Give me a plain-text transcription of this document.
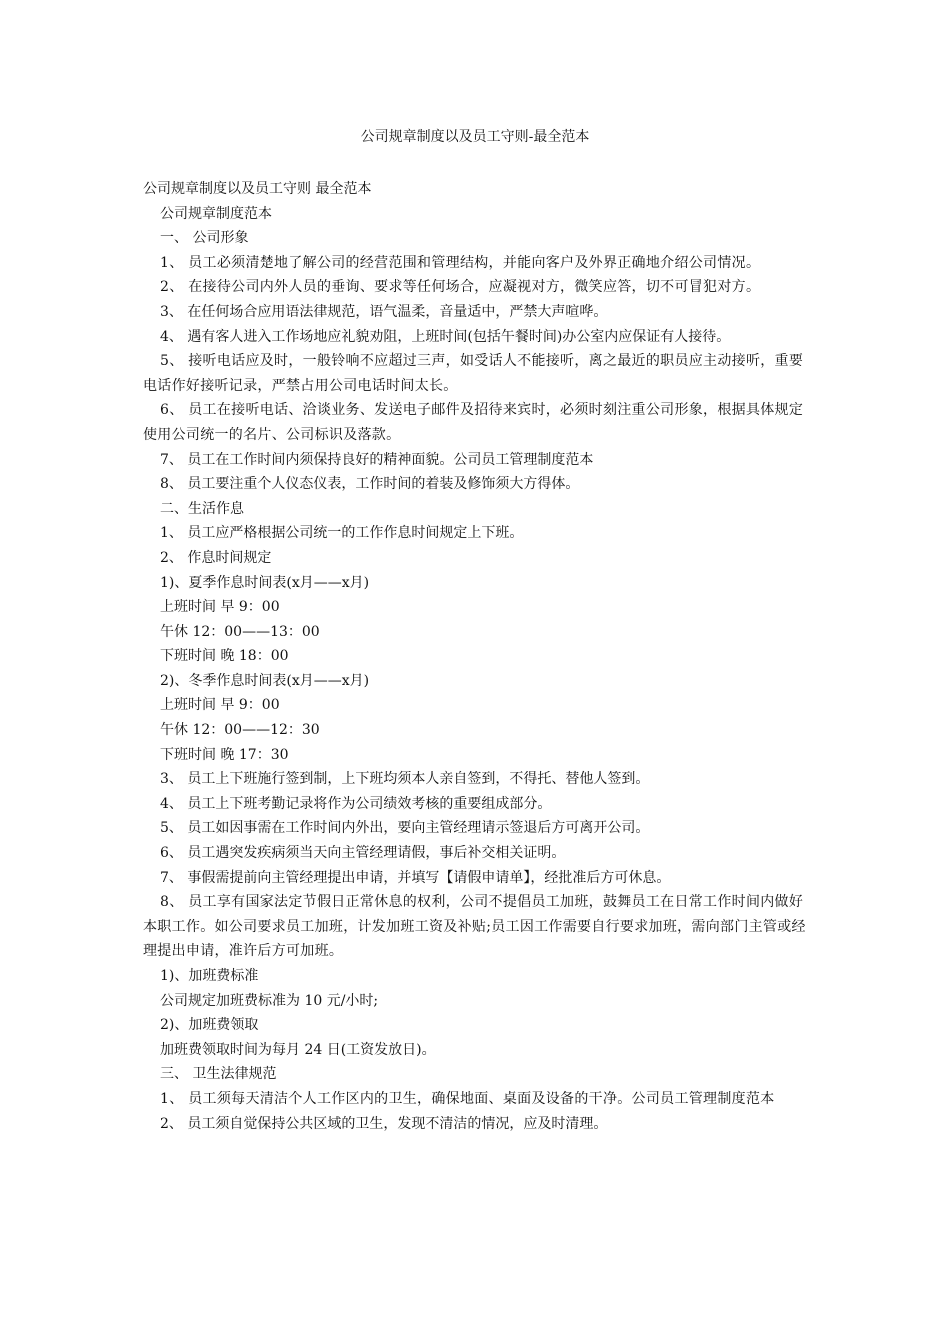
公司规章制度以及员工守则-最全范本
公司规章制度以及员工守则 最全范本
公司规章制度范本
一、 公司形象
1、 员工必须清楚地了解公司的经营范围和管理结构，并能向客户及外界正确地介绍公司情况。
2、 在接待公司内外人员的垂询、要求等任何场合，应凝视对方，微笑应答，切不可冒犯对方。
3、 在任何场合应用语法律规范，语气温柔，音量适中，严禁大声喧哗。
4、 遇有客人进入工作场地应礼貌劝阻，上班时间(包括午餐时间)办公室内应保证有人接待。
5、 接听电话应及时，一般铃响不应超过三声，如受话人不能接听，离之最近的职员应主动接听，重要电话作好接听记录，严禁占用公司电话时间太长。
6、 员工在接听电话、洽谈业务、发送电子邮件及招待来宾时，必须时刻注重公司形象，根据具体规定使用公司统一的名片、公司标识及落款。
7、 员工在工作时间内须保持良好的精神面貌。公司员工管理制度范本
8、 员工要注重个人仪态仪表，工作时间的着装及修饰须大方得体。
二、生活作息
1、 员工应严格根据公司统一的工作作息时间规定上下班。
2、 作息时间规定
1)、夏季作息时间表(x月——x月)
上班时间 早 9：00
午休 12：00——13：00
下班时间 晚 18：00
2)、冬季作息时间表(x月——x月)
上班时间 早 9：00
午休 12：00——12：30
下班时间 晚 17：30
3、 员工上下班施行签到制，上下班均须本人亲自签到，不得托、替他人签到。
4、 员工上下班考勤记录将作为公司绩效考核的重要组成部分。
5、 员工如因事需在工作时间内外出，要向主管经理请示签退后方可离开公司。
6、 员工遇突发疾病须当天向主管经理请假，事后补交相关证明。
7、 事假需提前向主管经理提出申请，并填写【请假申请单】，经批准后方可休息。
8、 员工享有国家法定节假日正常休息的权利，公司不提倡员工加班，鼓舞员工在日常工作时间内做好本职工作。如公司要求员工加班，计发加班工资及补贴;员工因工作需要自行要求加班，需向部门主管或经理提出申请，准许后方可加班。
1)、加班费标准
公司规定加班费标准为 10 元/小时;
2)、加班费领取
加班费领取时间为每月 24 日(工资发放日)。
三、 卫生法律规范
1、 员工须每天清洁个人工作区内的卫生，确保地面、桌面及设备的干净。公司员工管理制度范本
2、 员工须自觉保持公共区域的卫生，发现不清洁的情况，应及时清理。
